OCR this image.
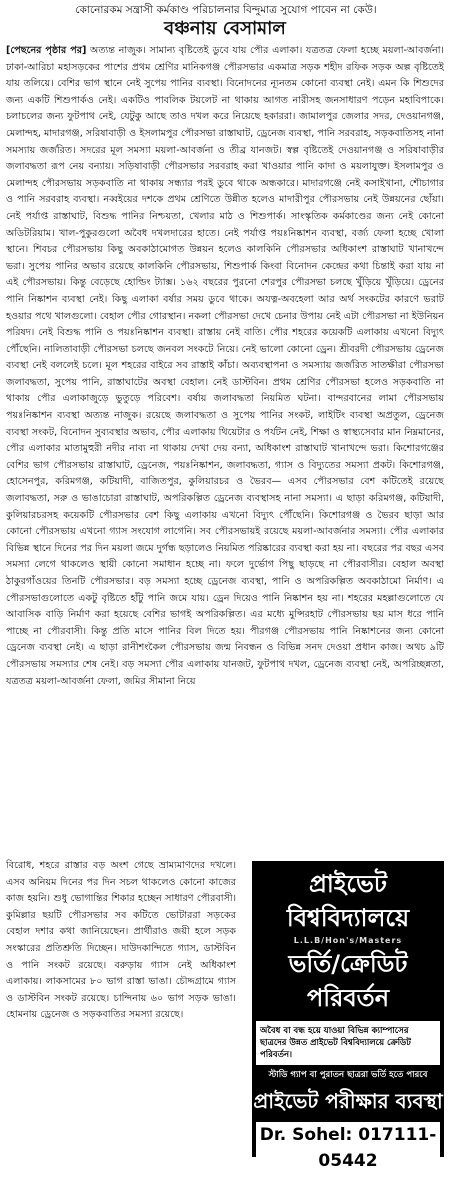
কোনোরকম সন্ত্রাসী কর্মকাণ্ড পরিচালনার বিন্দুমাত্র সুযোগ পাবেন না কেউ।
বঞ্চনায় বেসামাল

[পেছনের পৃষ্ঠার পর] অত্যন্ত নাজুক। সামান্য বৃষ্টিতেই ডুবে যায় পৌর এলাকা। যত্রতত্র ফেলা হচ্ছে ময়লা-আবর্জনা। ঢাকা-আরিচা মহাসড়কের পাশের প্রথম শ্রেণির মানিকগঞ্জ পৌরসভার একমাত্র সড়ক শহীদ রফিক সড়ক অল্প বৃষ্টিতেই যায় তলিয়ে। বেশির ভাগ স্থানে নেই সুপেয় পানির ব্যবস্থা। বিনোদনের ন্যূনতম কোনো ব্যবস্থা নেই। এমন কি শিশুদের জন্য একটি শিশুপার্কও নেই। একটিও পাবলিক টয়লেট না থাকায় আগত নারীসহ জনসাধারণ পড়েন মহাবিপাকে। চলাচলের জন্য ফুটপাথ নেই, যেটুকু আছে তাও দখল করে নিয়েছে হকাররা। জামালপুর জেলার সদর, দেওয়ানগঞ্জ, মেলান্দহ, মাদারগঞ্জ, সরিষাবাড়ী ও ইসলামপুর পৌরসভা রাস্তাঘাট, ড্রেনেজ ব্যবস্থা, পানি সরবরাহ, সড়কবাতিসহ নানা সমস্যায় জর্জরিত। সদরের মূল সমস্যা ময়লা-আবর্জনা ও তীব্র যানজট। স্বল্প বৃষ্টিতেই দেওয়ানগঞ্জ ও সরিষাবাড়ীর জলাবদ্ধতা রূপ নেয় বন্যায়। সড়িষাবাড়ী পৌরসভার সরবরাহ করা খাওয়ার পানি কাদা ও ময়লাযুক্ত। ইসলামপুর ও মেলান্দহ পৌরসভায় সড়কবাতি না থাকায় সন্ধ্যার পরই ডুবে থাকে অন্ধকারে। মাদারগঞ্জে নেই কসাইখানা, শৌচাগার ও পানি সরবরাহ ব্যবস্থা। নব্বইয়ের দশকে প্রথম শ্রেণিতে উন্নীত হলেও মাদারীপুর পৌরসভায় নেই উন্নয়নের ছোঁয়া। নেই পর্যাপ্ত রাস্তাঘাট, বিশুদ্ধ পানির নিশ্চয়তা, খেলার মাঠ ও শিশুপার্ক। সাংস্কৃতিক কর্মকাণ্ডের জন্য নেই কোনো অডিটরিয়াম। খাল-পুকুরগুলো অবৈধ দখলদারের হাতে। নেই পর্যাপ্ত পয়ঃনিষ্কাশন ব্যবস্থা, বর্জ্য ফেলা হচ্ছে খোলা স্থানে। শিবচর পৌরসভায় কিছু অবকাঠামোগত উন্নয়ন হলেও কালকিনি পৌরসভার অধিকাংশ রাস্তাঘাট খানাখন্দে ভরা। সুপেয় পানির অভাব রয়েছে কালকিনি পৌরসভায়, শিশুপার্ক কিংবা বিনোদন কেন্দ্রের কথা চিন্তাই করা যায় না এই পৌরসভায়। কিন্তু বেড়েছে হোল্ডিং ট্যাক্স। ১৬২ বছরের পুরনো শেরপুর পৌরসভা চলছে খুঁড়িয়ে খুঁড়িয়ে। ড্রেনের পানি নিষ্কাশন ব্যবস্থা নেই। কিছু এলাকা বর্ষার সময় ডুবে থাকে। অযত্ন-অবহেলা আর অর্থ সংকটের কারণে ভরাট হওয়ার পথে খালগুলো। বেহাল পৌর গোরস্থান। নকলা পৌরসভা দেখে চেনার উপায় নেই এটা পৌরসভা না ইউনিয়ন পরিষদ। নেই বিশুদ্ধ পানি ও পয়ঃনিষ্কাশন ব্যবস্থা। রাস্তায় নেই বাতি। পৌর শহরের কয়েকটি এলাকায় এখনো বিদ্যুৎ পৌঁছেনি। নালিতাবাড়ী পৌরসভা চলছে জনবল সংকটে নিয়ে। নেই ভালো কোনো ড্রেন। শ্রীবরদী পৌরসভায় ড্রেনেজ ব্যবস্থা নেই বললেই চলে। মূল শহরের বাইরে সব রাস্তাই কাঁচা। অব্যবস্থাপনা ও সমস্যায় জর্জরিত সাতক্ষীরা পৌরসভা জলাবদ্ধতা, সুপেয় পানি, রাস্তাঘাটের অবস্থা বেহাল। নেই ডাস্টবিন। প্রথম শ্রেণির পৌরসভা হলেও সড়কবাতি না থাকায় পৌর এলাকাজুড়ে ভুতুড়ে পরিবেশ। বর্ষায় জলাবদ্ধতা নিয়মিত ঘটনা। বান্দরবানের লামা পৌরসভায় পয়ঃনিষ্কাশন ব্যবস্থা অত্যন্ত নাজুক। রয়েছে জলাবদ্ধতা ও সুপেয় পানির সংকট, লাইটিং ব্যবস্থা অপ্রতুল, ড্রেনেজ ব্যবস্থা সংকট, বিনোদন সুব্যবস্থার অভাব, পৌর এলাকায় থিয়েটার ও পর্যটন নেই, শিক্ষা ও স্বাস্থ্যসেবার মান নিম্নমানের, পৌর এলাকার মাতামুহুরী নদীর নাব্য না থাকায় দেখা দেয় বন্যা, অধিকাংশ রাস্তাঘাট খানাখন্দে ভরা। কিশোরগঞ্জের বেশির ভাগ পৌরসভায় রাস্তাঘাট, ড্রেনেজ, পয়ঃনিষ্কাশন, জলাবদ্ধতা, গ্যাস ও বিদ্যুতের সমস্যা প্রকট। কিশোরগঞ্জ, হোসেনপুর, করিমগঞ্জ, কটিয়াদী, বাজিতপুর, কুলিয়ারচর ও ভৈরব— এসব পৌরসভার বেশ কটিতেই রয়েছে জলাবদ্ধতা, সরু ও ভাঙাচোরা রাস্তাঘাট, অপরিকল্পিত ড্রেনেজ ব্যবস্থাসহ নানা সমস্যা। এ ছাড়া করিমগঞ্জ, কটিয়াদী, কুলিয়ারচরসহ কয়েকটি পৌরসভার বেশ কিছু এলাকায় এখনো বিদ্যুৎ পৌঁছেনি। কিশোরগঞ্জ ও ভৈরব ছাড়া আর কোনো পৌরসভায় এখনো গ্যাস সংযোগ লাগেনি। সব পৌরসভায়ই রয়েছে ময়লা-আবর্জনার সমস্যা। পৌর এলাকার বিভিন্ন স্থানে দিনের পর দিন ময়লা জমে দুর্গন্ধ ছড়ালেও নিয়মিত পরিষ্কারের ব্যবস্থা করা হয় না। বছরের পর বছর এসব সমস্যা লেগে থাকলেও স্থায়ী কোনো সমাধান হচ্ছে না। ফলে দুর্ভোগ পিছু ছাড়ছে না পৌরবাসীর। বেহাল অবস্থা ঠাকুরগাঁওয়ের তিনটি পৌরসভার। বড় সমস্যা হচ্ছে ড্রেনেজ ব্যবস্থা, পানি ও অপরিকল্পিত অবকাঠামো নির্মাণ। এ পৌরসভাগুলোতে একটু বৃষ্টিতে হাঁটু পানি জমে যায়। ড্রেন দিয়েও পানি নিষ্কাশন হয় না। শহরের মহল্লাগুলোতে যে আবাসিক বাড়ি নির্মাণ করা হয়েছে বেশির ভাগই অপরিকল্পিত। এর মধ্যে মুন্সিরহাট পৌরসভায় ছয় মাস ধরে পানি পাচ্ছে না পৌরবাসী। কিন্তু প্রতি মাসে পানির বিল দিতে হয়। পীরগঞ্জ পৌরসভায় পানি নিষ্কাশনের জন্য কোনো ড্রেনেজ ব্যবস্থা নেই। এ ছাড়া রানীশংকৈল পৌরসভায় জন্ম নিবন্ধন ও বিভিন্ন সনদ দেওয়া প্রধান কাজ। অথচ ৯টি পৌরসভায় সমস্যার শেষ নেই। বড় সমস্যা পৌর এলাকায় যানজট, ফুটপাথ দখল, ড্রেনেজ ব্যবস্থা নেই, অপরিচ্ছন্নতা, যত্রতত্র ময়লা-আবর্জনা ফেলা, জমির সীমানা নিয়ে

বিরোধ, শহরে রাস্তার বড় অংশ গেছে ভ্রাম্যমাণদের দখলে। এসব অনিয়ম দিনের পর দিন সচল থাকলেও কোনো কাজের কাজ হয়নি। শুধু ভোগান্তির শিকার হচ্ছেন সাধারণ পৌরবাসী। কুমিল্লার ছয়টি পৌরসভার সব কটিতে ভোটাররা সড়কের বেহাল দশার কথা জানিয়েছেন। প্রার্থীরাও জয়ী হলে সড়ক সংস্কারের প্রতিশ্রুতি দিচ্ছেন। দাউদকান্দিতে গ্যাস, ডাস্টবিন ও পানি সংকট রয়েছে। বরুড়ায় গ্যাস নেই অধিকাংশ এলাকায়। লাকসামের ৮০ ভাগ রাস্তা ভাঙা। চৌদ্দগ্রামে গ্যাস ও ডাস্টবিন সংকট রয়েছে। চান্দিনায় ৬০ ভাগ সড়ক ভাঙা। হোমনায় ড্রেনেজ ও সড়কবাতির সমস্যা রয়েছে।

প্রাইভেট বিশ্ববিদ্যালয়ে
L.L.B/Hon's/Masters
ভর্তি/ক্রেডিট পরিবর্তন
অবৈধ বা বন্ধ হয়ে যাওয়া বিভিন্ন ক্যাম্পাসের ছাত্রদের উন্নত প্রাইভেট বিশ্ববিদ্যালয়ে ক্রেডিট পরিবর্তন।
স্টাডি গ্যাপ বা পুরাতন ছাত্ররা ভর্তি হতে পারবে
প্রাইভেট পরীক্ষার ব্যবস্থা
Dr. Sohel: 017111-05442
ঢাকা: গ-১০৩, মধ্যবাড্ডা। সিলেট: ৬১১, জিন্দাবাজার
